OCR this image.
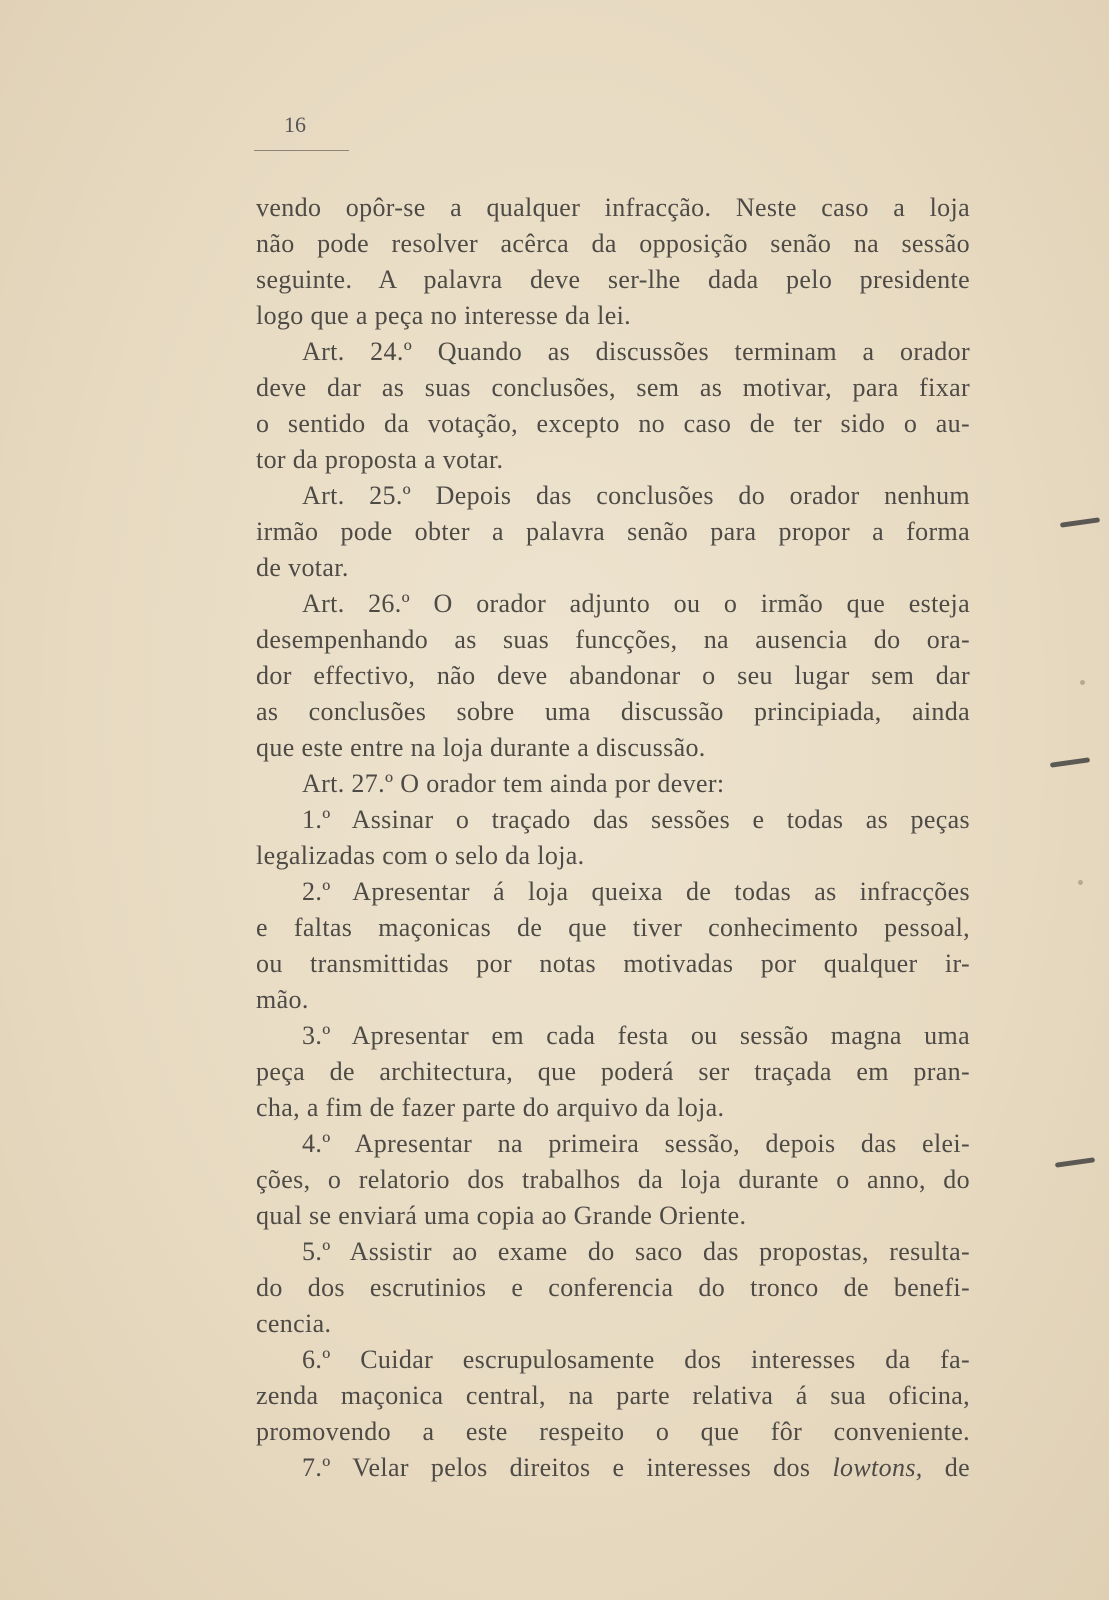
16
vendo opôr-se a qualquer infracção. Neste caso a loja
não pode resolver acêrca da opposição senão na sessão
seguinte. A palavra deve ser-lhe dada pelo presidente
logo que a peça no interesse da lei.
Art. 24.º Quando as discussões terminam a orador
deve dar as suas conclusões, sem as motivar, para fixar
o sentido da votação, excepto no caso de ter sido o au-
tor da proposta a votar.
Art. 25.º Depois das conclusões do orador nenhum
irmão pode obter a palavra senão para propor a forma
de votar.
Art. 26.º O orador adjunto ou o irmão que esteja
desempenhando as suas funcções, na ausencia do ora-
dor effectivo, não deve abandonar o seu lugar sem dar
as conclusões sobre uma discussão principiada, ainda
que este entre na loja durante a discussão.
Art. 27.º O orador tem ainda por dever:
1.º Assinar o traçado das sessões e todas as peças
legalizadas com o selo da loja.
2.º Apresentar á loja queixa de todas as infracções
e faltas maçonicas de que tiver conhecimento pessoal,
ou transmittidas por notas motivadas por qualquer ir-
mão.
3.º Apresentar em cada festa ou sessão magna uma
peça de architectura, que poderá ser traçada em pran-
cha, a fim de fazer parte do arquivo da loja.
4.º Apresentar na primeira sessão, depois das elei-
ções, o relatorio dos trabalhos da loja durante o anno, do
qual se enviará uma copia ao Grande Oriente.
5.º Assistir ao exame do saco das propostas, resulta-
do dos escrutinios e conferencia do tronco de benefi-
cencia.
6.º Cuidar escrupulosamente dos interesses da fa-
zenda maçonica central, na parte relativa á sua oficina,
promovendo a este respeito o que fôr conveniente.
7.º Velar pelos direitos e interesses dos lowtons, de
